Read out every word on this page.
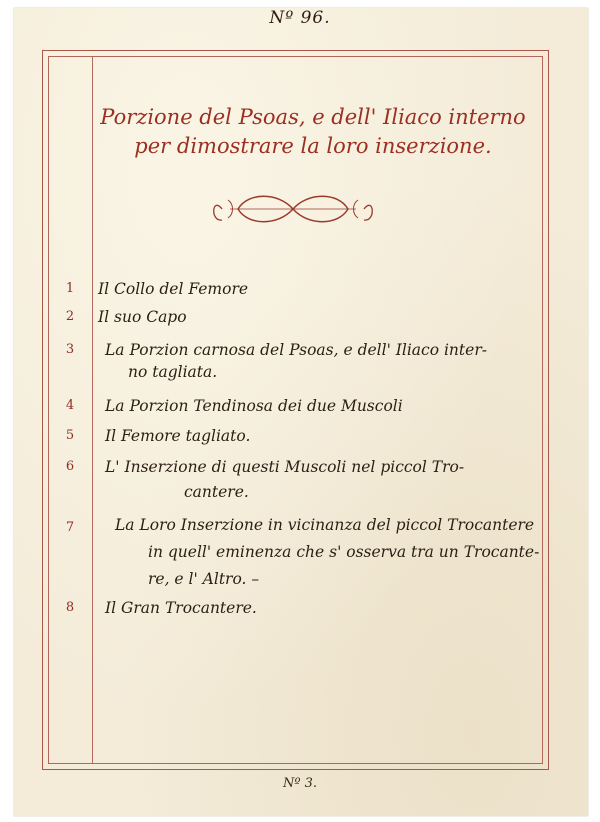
Nº 96.
Porzione del Psoas, e dell' Iliaco interno
per dimostrare la loro inserzione.
1	Il Collo del Femore
2	Il suo Capo
3	La Porzion carnosa del Psoas, e dell' Iliaco inter-
no tagliata.
4	La Porzion Tendinosa dei due Muscoli
5	Il Femore tagliato.
6	L' Inserzione di questi Muscoli nel piccol Tro-
cantere.
7	La Loro Inserzione in vicinanza del piccol Trocantere
in quell' eminenza che s' osserva tra un Trocante-
re, e l' Altro. –
8	Il Gran Trocantere.
Nº 3.
